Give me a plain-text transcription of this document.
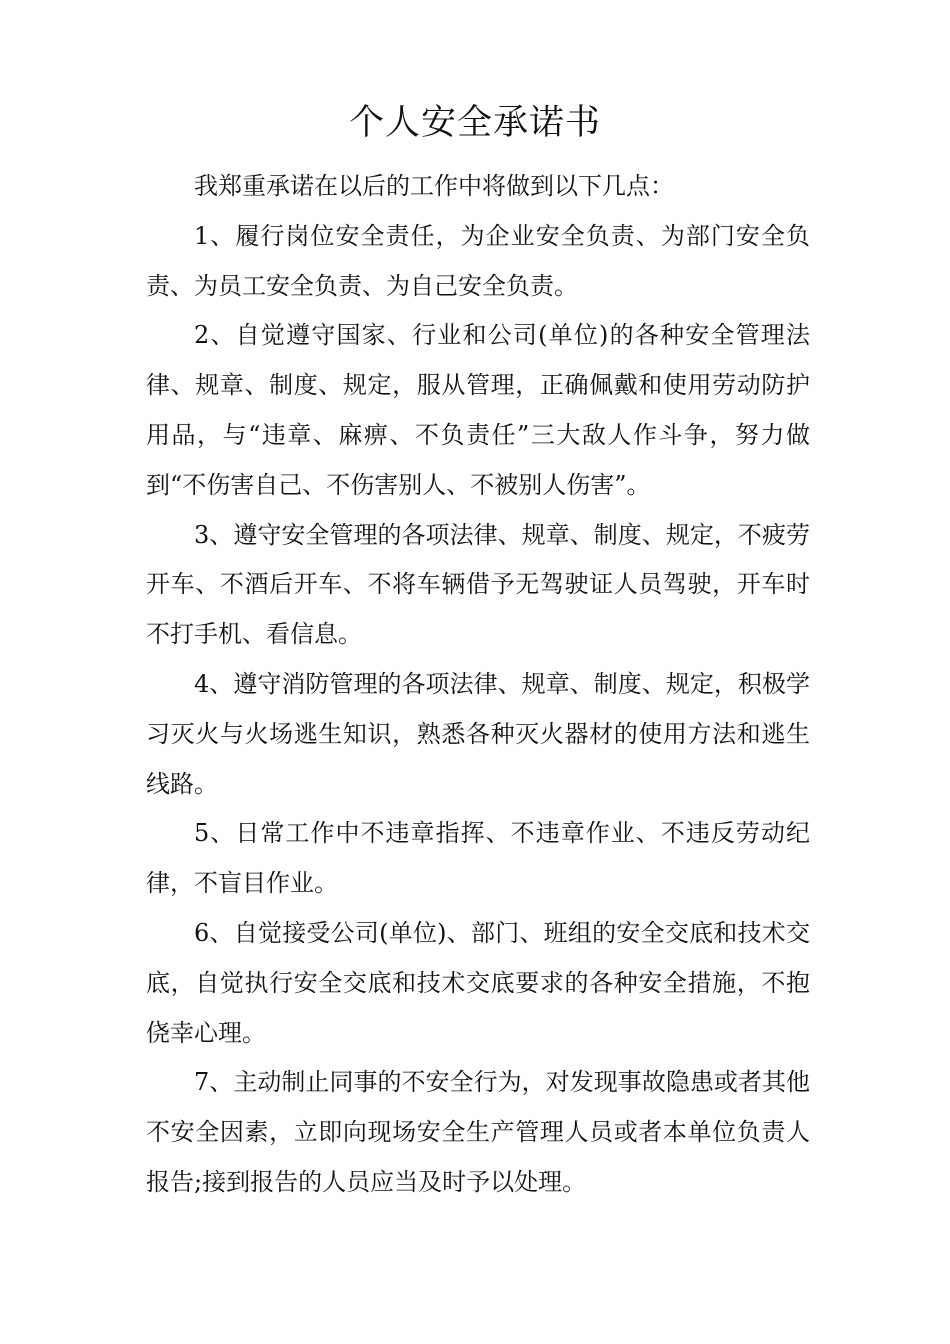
个人安全承诺书

我郑重承诺在以后的工作中将做到以下几点：

1、履行岗位安全责任，为企业安全负责、为部门安全负责、为员工安全负责、为自己安全负责。

2、自觉遵守国家、行业和公司(单位)的各种安全管理法律、规章、制度、规定，服从管理，正确佩戴和使用劳动防护用品，与“违章、麻痹、不负责任”三大敌人作斗争，努力做到“不伤害自己、不伤害别人、不被别人伤害”。

3、遵守安全管理的各项法律、规章、制度、规定，不疲劳开车、不酒后开车、不将车辆借予无驾驶证人员驾驶，开车时不打手机、看信息。

4、遵守消防管理的各项法律、规章、制度、规定，积极学习灭火与火场逃生知识，熟悉各种灭火器材的使用方法和逃生线路。

5、日常工作中不违章指挥、不违章作业、不违反劳动纪律，不盲目作业。

6、自觉接受公司(单位)、部门、班组的安全交底和技术交底，自觉执行安全交底和技术交底要求的各种安全措施，不抱侥幸心理。

7、主动制止同事的不安全行为，对发现事故隐患或者其他不安全因素，立即向现场安全生产管理人员或者本单位负责人报告;接到报告的人员应当及时予以处理。
